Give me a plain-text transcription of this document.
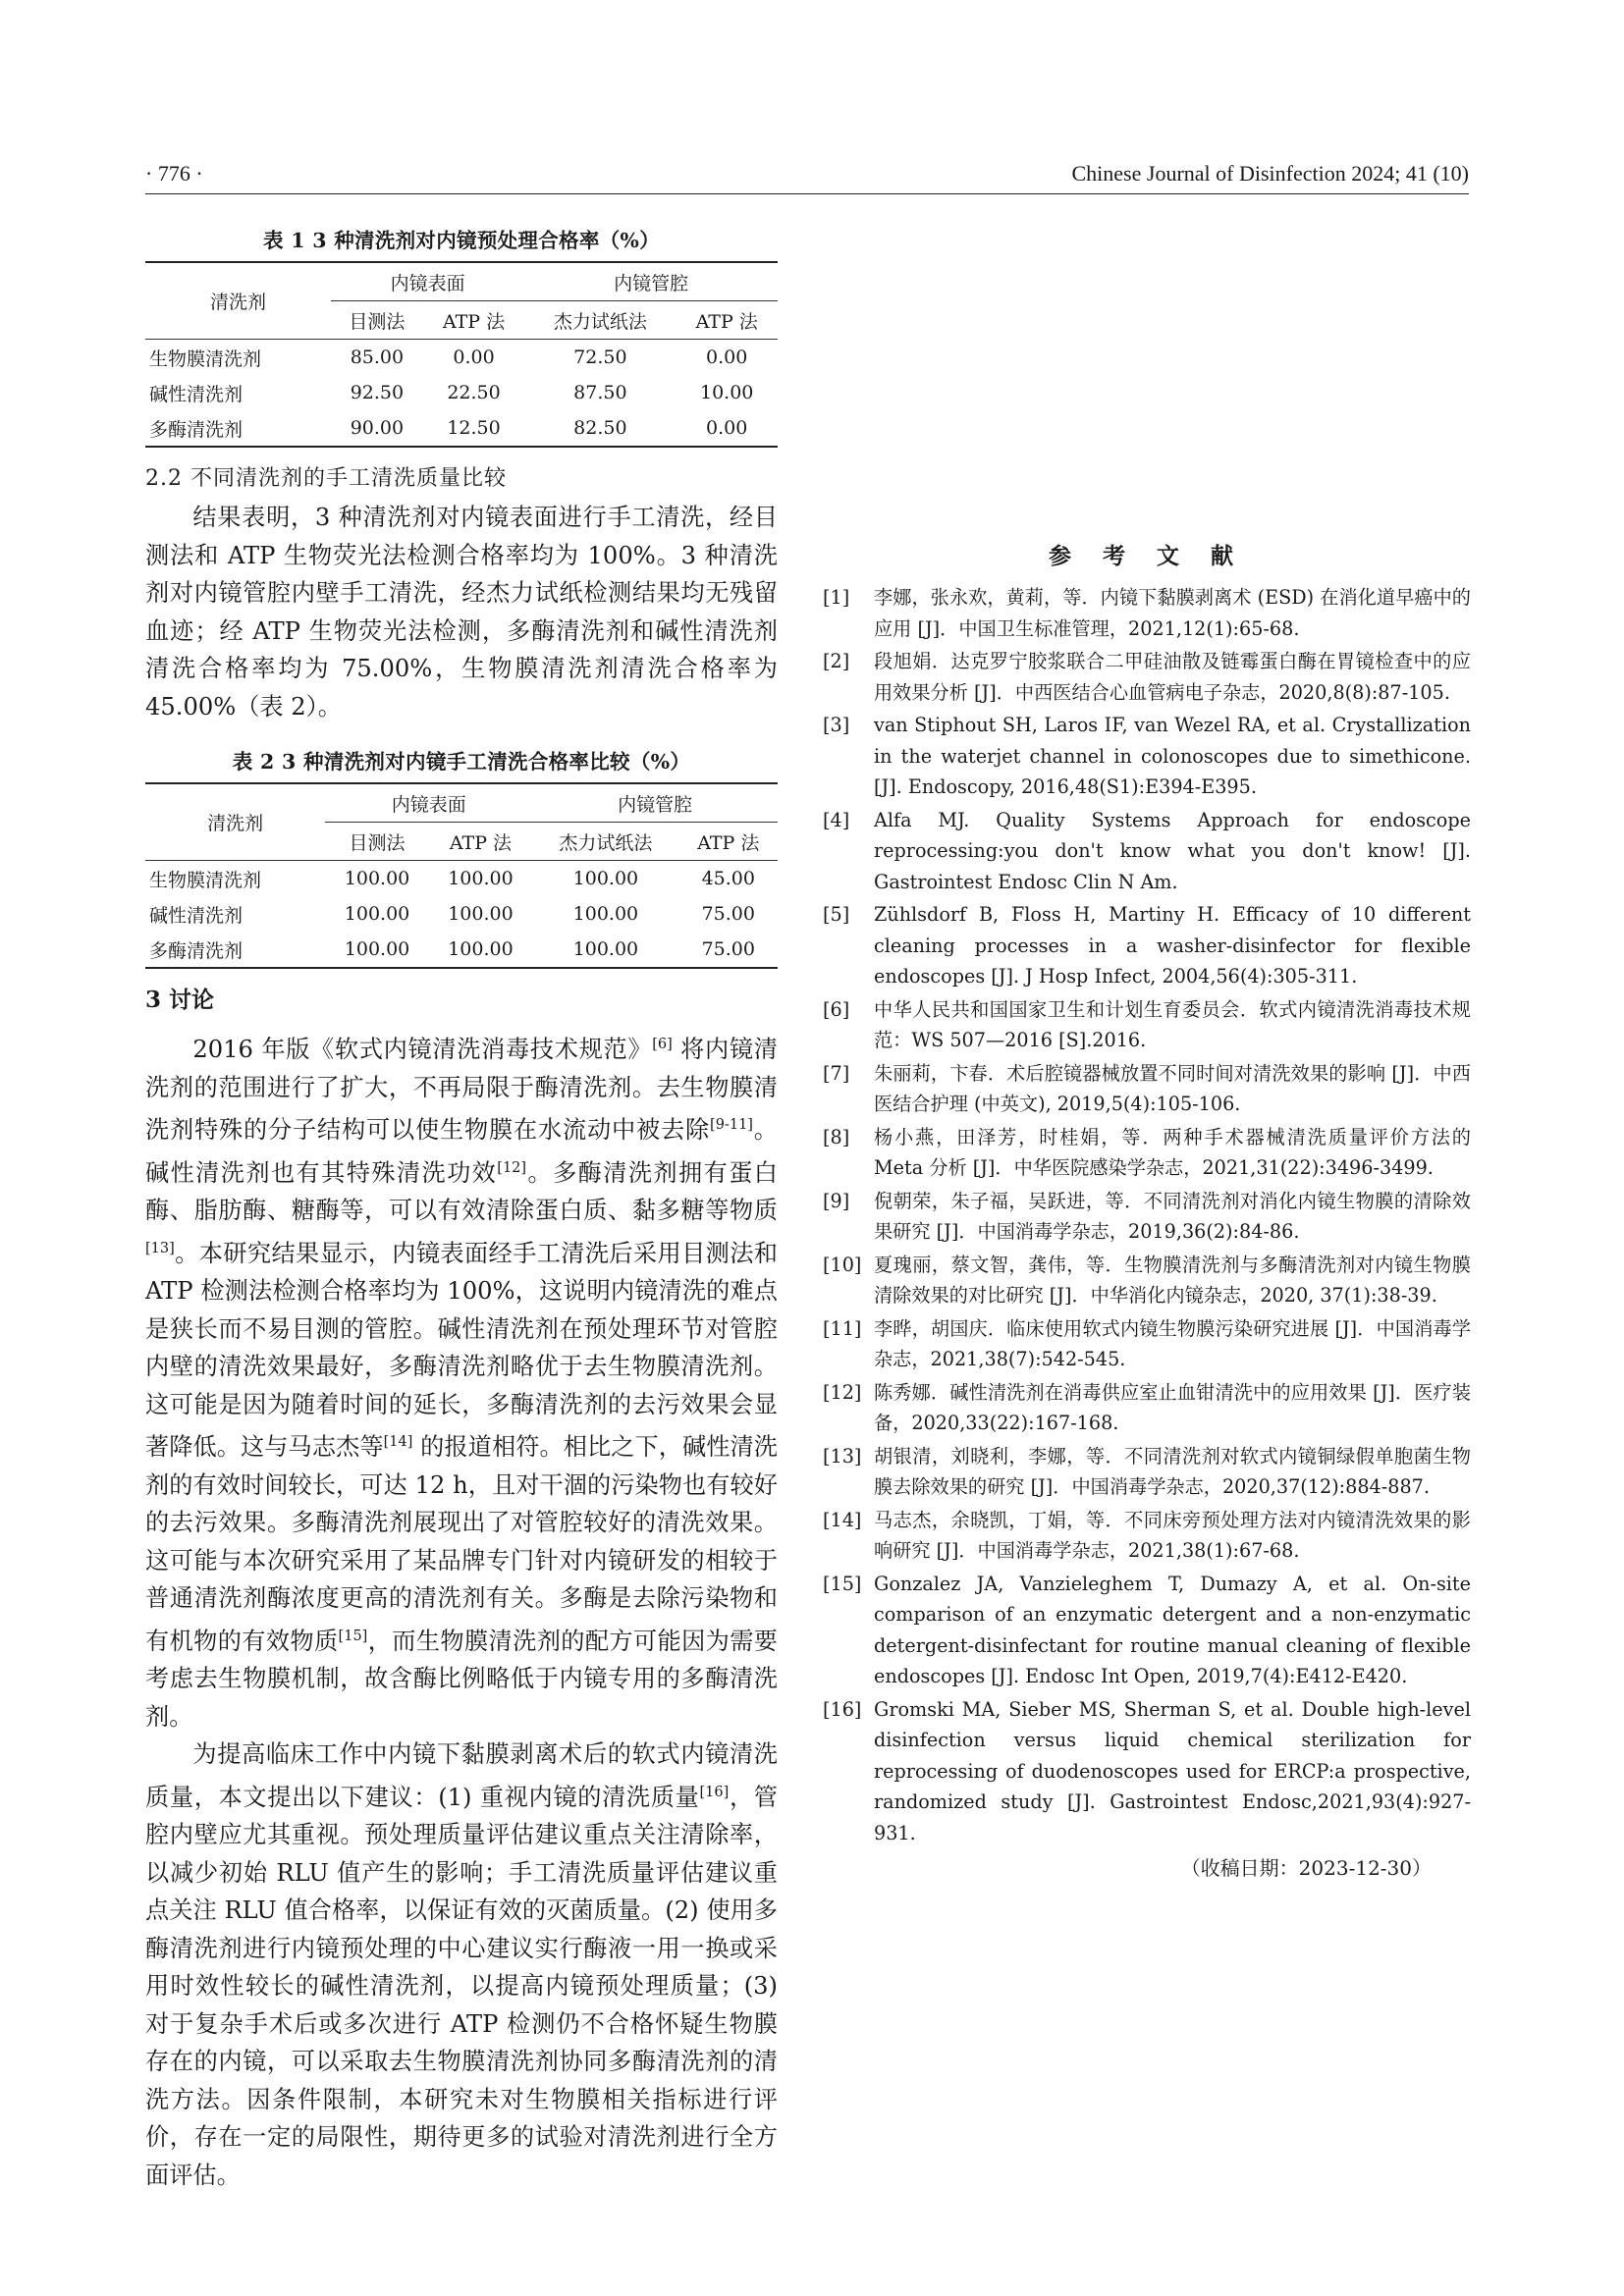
· 776 ·	Chinese Journal of Disinfection 2024; 41 (10)
表 1 3 种清洗剂对内镜预处理合格率（%）
清洗剂	内镜表面		内镜管腔	
	目测法	ATP 法	杰力试纸法	ATP 法
生物膜清洗剂	85.00	0.00	72.50	0.00
碱性清洗剂	92.50	22.50	87.50	10.00
多酶清洗剂	90.00	12.50	82.50	0.00
2.2 不同清洗剂的手工清洗质量比较

结果表明，3 种清洗剂对内镜表面进行手工清洗，经目测法和 ATP 生物荧光法检测合格率均为 100%。3 种清洗剂对内镜管腔内壁手工清洗，经杰力试纸检测结果均无残留血迹；经 ATP 生物荧光法检测，多酶清洗剂和碱性清洗剂清洗合格率均为 75.00%，生物膜清洗剂清洗合格率为 45.00%（表 2）。

表 2 3 种清洗剂对内镜手工清洗合格率比较（%）
清洗剂	内镜表面		内镜管腔	
	目测法	ATP 法	杰力试纸法	ATP 法
生物膜清洗剂	100.00	100.00	100.00	45.00
碱性清洗剂	100.00	100.00	100.00	75.00
多酶清洗剂	100.00	100.00	100.00	75.00
3 讨论

2016 年版《软式内镜清洗消毒技术规范》[6] 将内镜清洗剂的范围进行了扩大，不再局限于酶清洗剂。去生物膜清洗剂特殊的分子结构可以使生物膜在水流动中被去除[9-11]。碱性清洗剂也有其特殊清洗功效[12]。多酶清洗剂拥有蛋白酶、脂肪酶、糖酶等，可以有效清除蛋白质、黏多糖等物质[13]。本研究结果显示，内镜表面经手工清洗后采用目测法和 ATP 检测法检测合格率均为 100%，这说明内镜清洗的难点是狭长而不易目测的管腔。碱性清洗剂在预处理环节对管腔内壁的清洗效果最好，多酶清洗剂略优于去生物膜清洗剂。这可能是因为随着时间的延长，多酶清洗剂的去污效果会显著降低。这与马志杰等[14] 的报道相符。相比之下，碱性清洗剂的有效时间较长，可达 12 h，且对干涸的污染物也有较好的去污效果。多酶清洗剂展现出了对管腔较好的清洗效果。这可能与本次研究采用了某品牌专门针对内镜研发的相较于普通清洗剂酶浓度更高的清洗剂有关。多酶是去除污染物和有机物的有效物质[15]，而生物膜清洗剂的配方可能因为需要考虑去生物膜机制，故含酶比例略低于内镜专用的多酶清洗剂。

为提高临床工作中内镜下黏膜剥离术后的软式内镜清洗质量，本文提出以下建议：(1) 重视内镜的清洗质量[16]，管腔内壁应尤其重视。预处理质量评估建议重点关注清除率，以减少初始 RLU 值产生的影响；手工清洗质量评估建议重点关注 RLU 值合格率，以保证有效的灭菌质量。(2) 使用多酶清洗剂进行内镜预处理的中心建议实行酶液一用一换或采用时效性较长的碱性清洗剂，以提高内镜预处理质量；(3) 对于复杂手术后或多次进行 ATP 检测仍不合格怀疑生物膜存在的内镜，可以采取去生物膜清洗剂协同多酶清洗剂的清洗方法。因条件限制，本研究未对生物膜相关指标进行评价，存在一定的局限性，期待更多的试验对清洗剂进行全方面评估。

参 考 文 献
[1]	李娜，张永欢，黄莉，等．内镜下黏膜剥离术 (ESD) 在消化道早癌中的应用 [J]．中国卫生标准管理，2021,12(1):65-68.
[2]	段旭娟．达克罗宁胶浆联合二甲硅油散及链霉蛋白酶在胃镜检查中的应用效果分析 [J]．中西医结合心血管病电子杂志，2020,8(8):87-105.
[3]	van Stiphout SH, Laros IF, van Wezel RA, et al. Crystallization in the waterjet channel in colonoscopes due to simethicone. [J]. Endoscopy, 2016,48(S1):E394-E395.
[4]	Alfa MJ. Quality Systems Approach for endoscope reprocessing:you don't know what you don't know! [J]. Gastrointest Endosc Clin N Am.
[5]	Zühlsdorf B, Floss H, Martiny H. Efficacy of 10 different cleaning processes in a washer-disinfector for flexible endoscopes [J]. J Hosp Infect, 2004,56(4):305-311.
[6]	中华人民共和国国家卫生和计划生育委员会．软式内镜清洗消毒技术规范：WS 507—2016 [S].2016.
[7]	朱丽莉，卞春．术后腔镜器械放置不同时间对清洗效果的影响 [J]．中西医结合护理 (中英文), 2019,5(4):105-106.
[8]	杨小燕，田泽芳，时桂娟，等．两种手术器械清洗质量评价方法的 Meta 分析 [J]．中华医院感染学杂志，2021,31(22):3496-3499.
[9]	倪朝荣，朱子福，吴跃进，等．不同清洗剂对消化内镜生物膜的清除效果研究 [J]．中国消毒学杂志，2019,36(2):84-86.
[10] 夏瑰丽，蔡文智，龚伟，等．生物膜清洗剂与多酶清洗剂对内镜生物膜清除效果的对比研究 [J]．中华消化内镜杂志，2020, 37(1):38-39.
[11] 李晔，胡国庆．临床使用软式内镜生物膜污染研究进展 [J]．中国消毒学杂志，2021,38(7):542-545.
[12] 陈秀娜．碱性清洗剂在消毒供应室止血钳清洗中的应用效果 [J]．医疗装备，2020,33(22):167-168.
[13] 胡银清，刘晓利，李娜，等．不同清洗剂对软式内镜铜绿假单胞菌生物膜去除效果的研究 [J]．中国消毒学杂志，2020,37(12):884-887.
[14] 马志杰，余晓凯，丁娟，等．不同床旁预处理方法对内镜清洗效果的影响研究 [J]．中国消毒学杂志，2021,38(1):67-68.
[15] Gonzalez JA, Vanzieleghem T, Dumazy A, et al. On-site comparison of an enzymatic detergent and a non-enzymatic detergent-disinfectant for routine manual cleaning of flexible endoscopes [J]. Endosc Int Open, 2019,7(4):E412-E420.
[16] Gromski MA, Sieber MS, Sherman S, et al. Double high-level disinfection versus liquid chemical sterilization for reprocessing of duodenoscopes used for ERCP:a prospective, randomized study [J]. Gastrointest Endosc,2021,93(4):927-931.
（收稿日期：2023-12-30）
